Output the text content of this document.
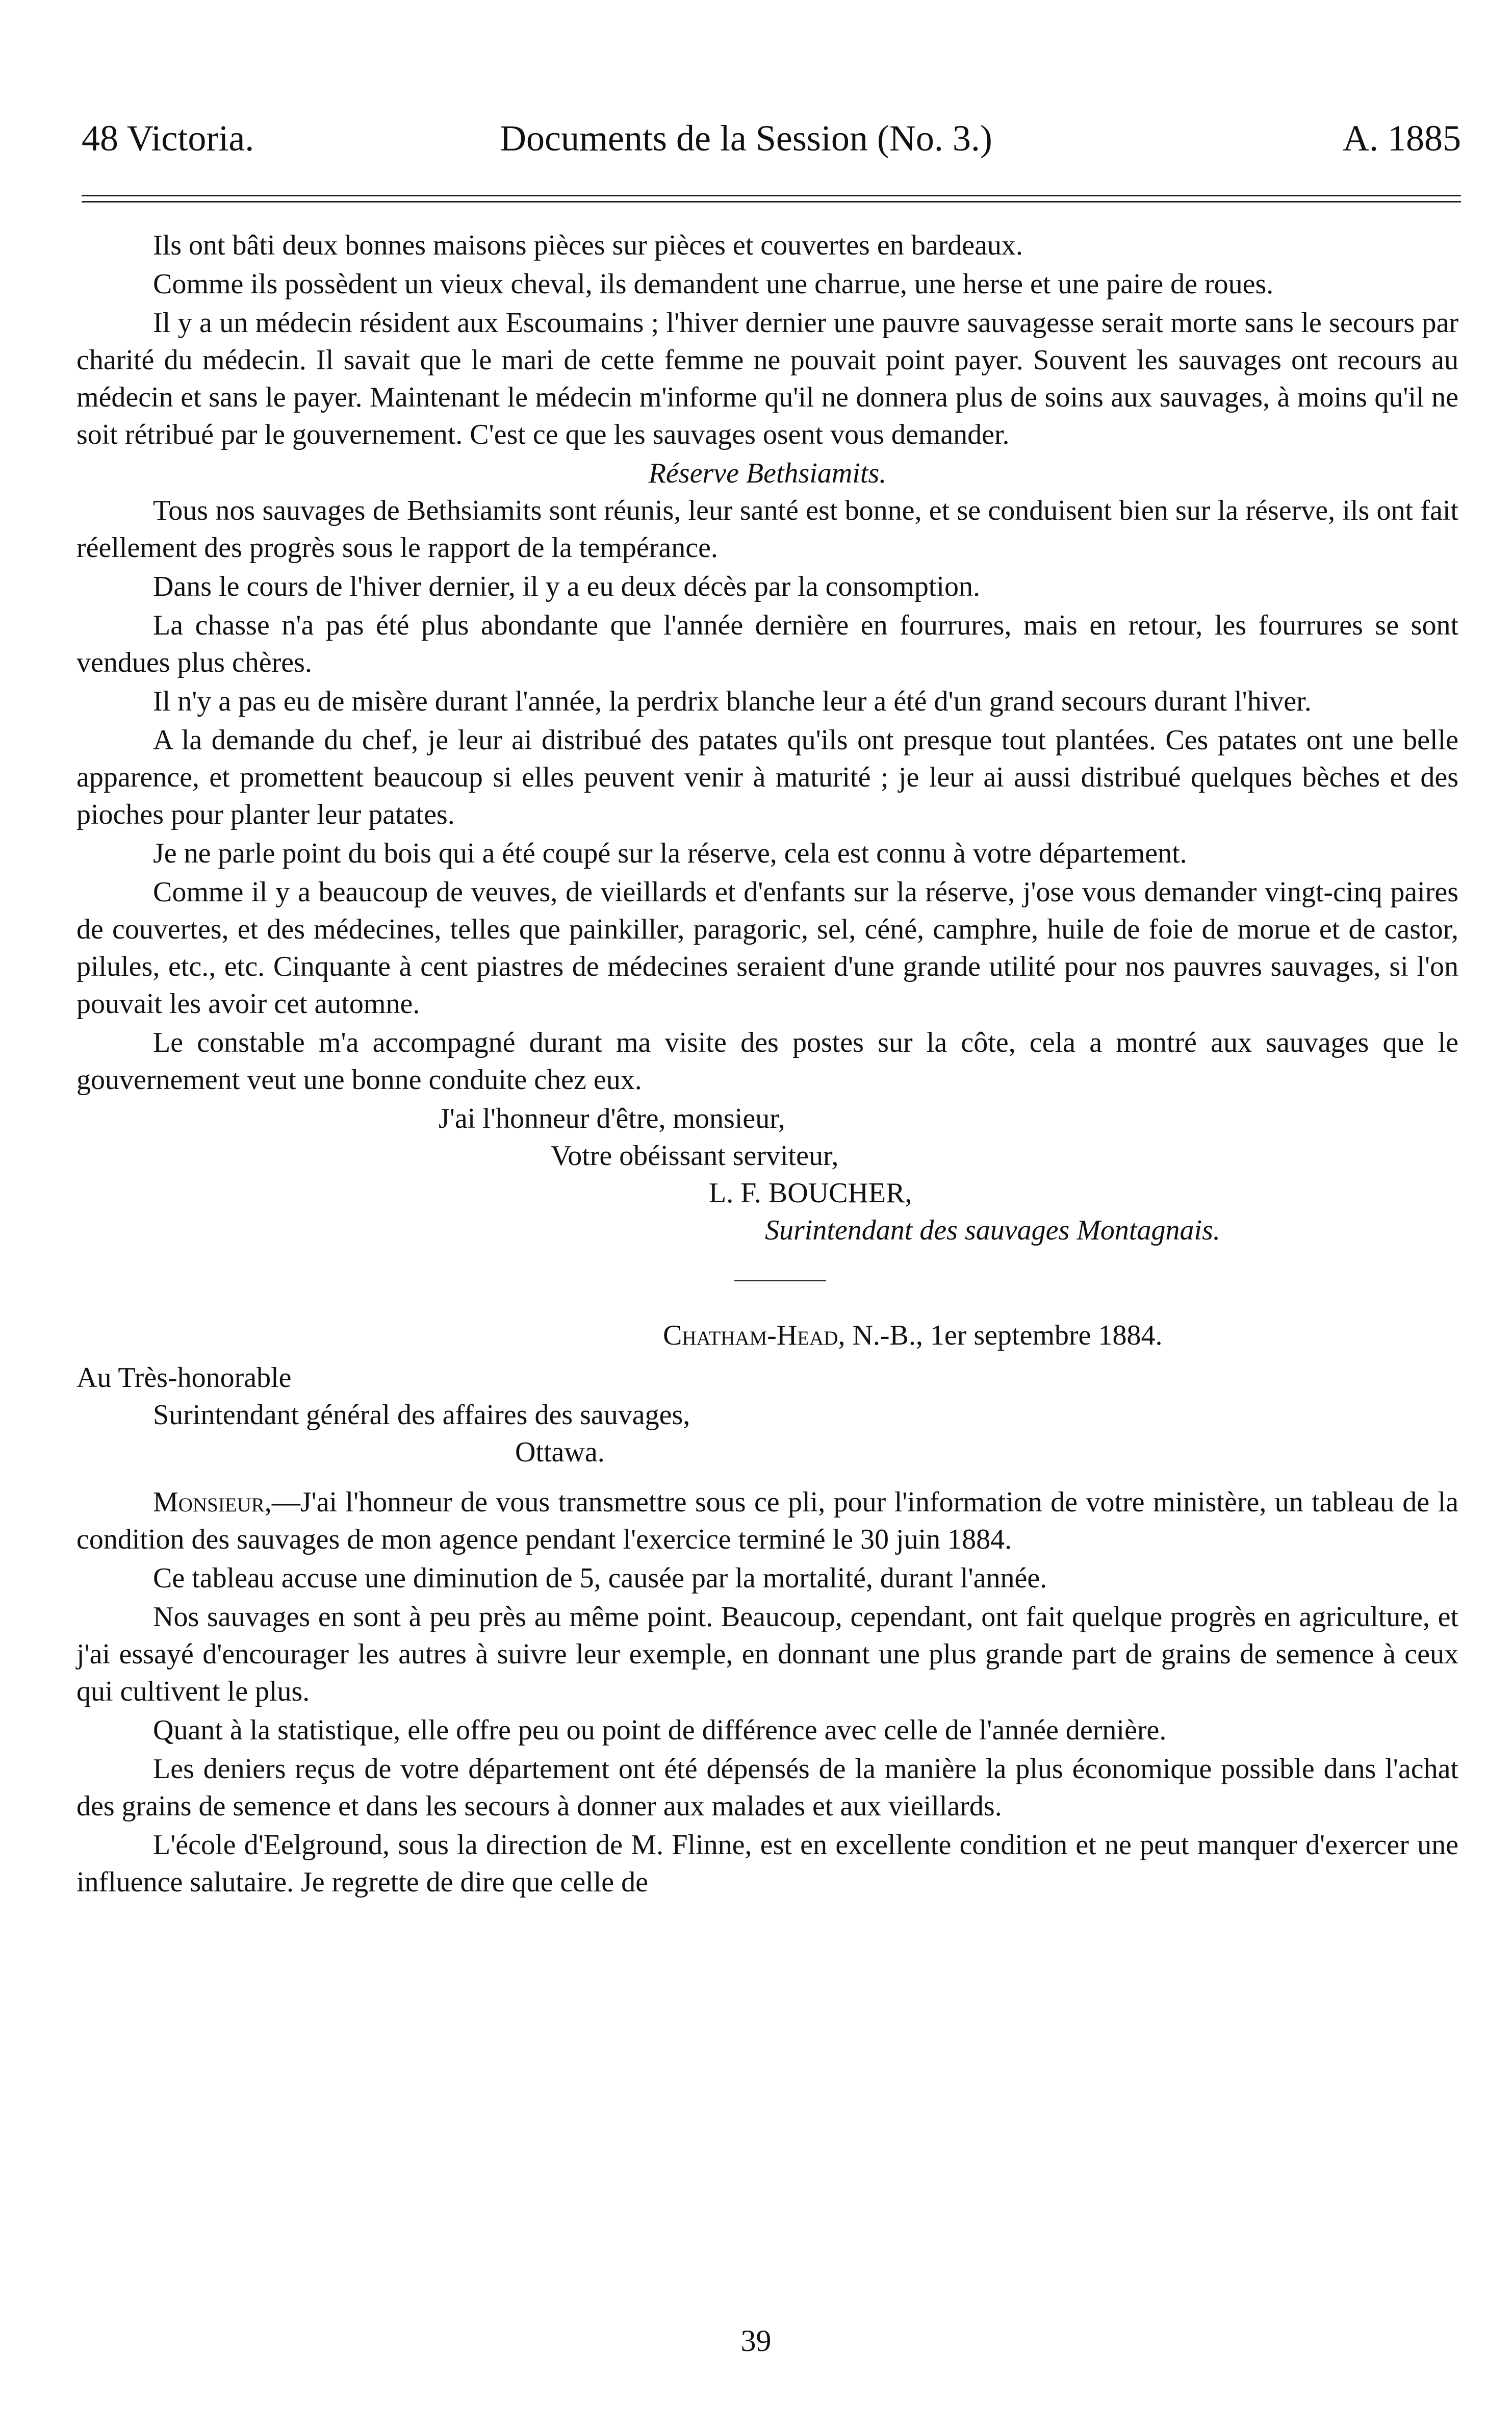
48 Victoria.	Documents de la Session (No. 3.)	A. 1885

Ils ont bâti deux bonnes maisons pièces sur pièces et couvertes en bardeaux.

Comme ils possèdent un vieux cheval, ils demandent une charrue, une herse et une paire de roues.

Il y a un médecin résident aux Escoumains ; l'hiver dernier une pauvre sauvagesse serait morte sans le secours par charité du médecin. Il savait que le mari de cette femme ne pouvait point payer. Souvent les sauvages ont recours au médecin et sans le payer. Maintenant le médecin m'informe qu'il ne donnera plus de soins aux sauvages, à moins qu'il ne soit rétribué par le gouvernement. C'est ce que les sauvages osent vous demander.

Réserve Bethsiamits.

Tous nos sauvages de Bethsiamits sont réunis, leur santé est bonne, et se conduisent bien sur la réserve, ils ont fait réellement des progrès sous le rapport de la tempérance.

Dans le cours de l'hiver dernier, il y a eu deux décès par la consomption.

La chasse n'a pas été plus abondante que l'année dernière en fourrures, mais en retour, les fourrures se sont vendues plus chères.

Il n'y a pas eu de misère durant l'année, la perdrix blanche leur a été d'un grand secours durant l'hiver.

A la demande du chef, je leur ai distribué des patates qu'ils ont presque tout plantées. Ces patates ont une belle apparence, et promettent beaucoup si elles peuvent venir à maturité ; je leur ai aussi distribué quelques bèches et des pioches pour planter leur patates.

Je ne parle point du bois qui a été coupé sur la réserve, cela est connu à votre département.

Comme il y a beaucoup de veuves, de vieillards et d'enfants sur la réserve, j'ose vous demander vingt-cinq paires de couvertes, et des médecines, telles que painkiller, paragoric, sel, céné, camphre, huile de foie de morue et de castor, pilules, etc., etc. Cinquante à cent piastres de médecines seraient d'une grande utilité pour nos pauvres sauvages, si l'on pouvait les avoir cet automne.

Le constable m'a accompagné durant ma visite des postes sur la côte, cela a montré aux sauvages que le gouvernement veut une bonne conduite chez eux.

J'ai l'honneur d'être, monsieur,

Votre obéissant serviteur,

L. F. BOUCHER,

Surintendant des sauvages Montagnais.

Chatham-Head, N.-B., 1er septembre 1884.

Au Très-honorable

Surintendant général des affaires des sauvages,

Ottawa.

Monsieur,—J'ai l'honneur de vous transmettre sous ce pli, pour l'information de votre ministère, un tableau de la condition des sauvages de mon agence pendant l'exercice terminé le 30 juin 1884.

Ce tableau accuse une diminution de 5, causée par la mortalité, durant l'année.

Nos sauvages en sont à peu près au même point. Beaucoup, cependant, ont fait quelque progrès en agriculture, et j'ai essayé d'encourager les autres à suivre leur exemple, en donnant une plus grande part de grains de semence à ceux qui cultivent le plus.

Quant à la statistique, elle offre peu ou point de différence avec celle de l'année dernière.

Les deniers reçus de votre département ont été dépensés de la manière la plus économique possible dans l'achat des grains de semence et dans les secours à donner aux malades et aux vieillards.

L'école d'Eelground, sous la direction de M. Flinne, est en excellente condition et ne peut manquer d'exercer une influence salutaire. Je regrette de dire que celle de

39
